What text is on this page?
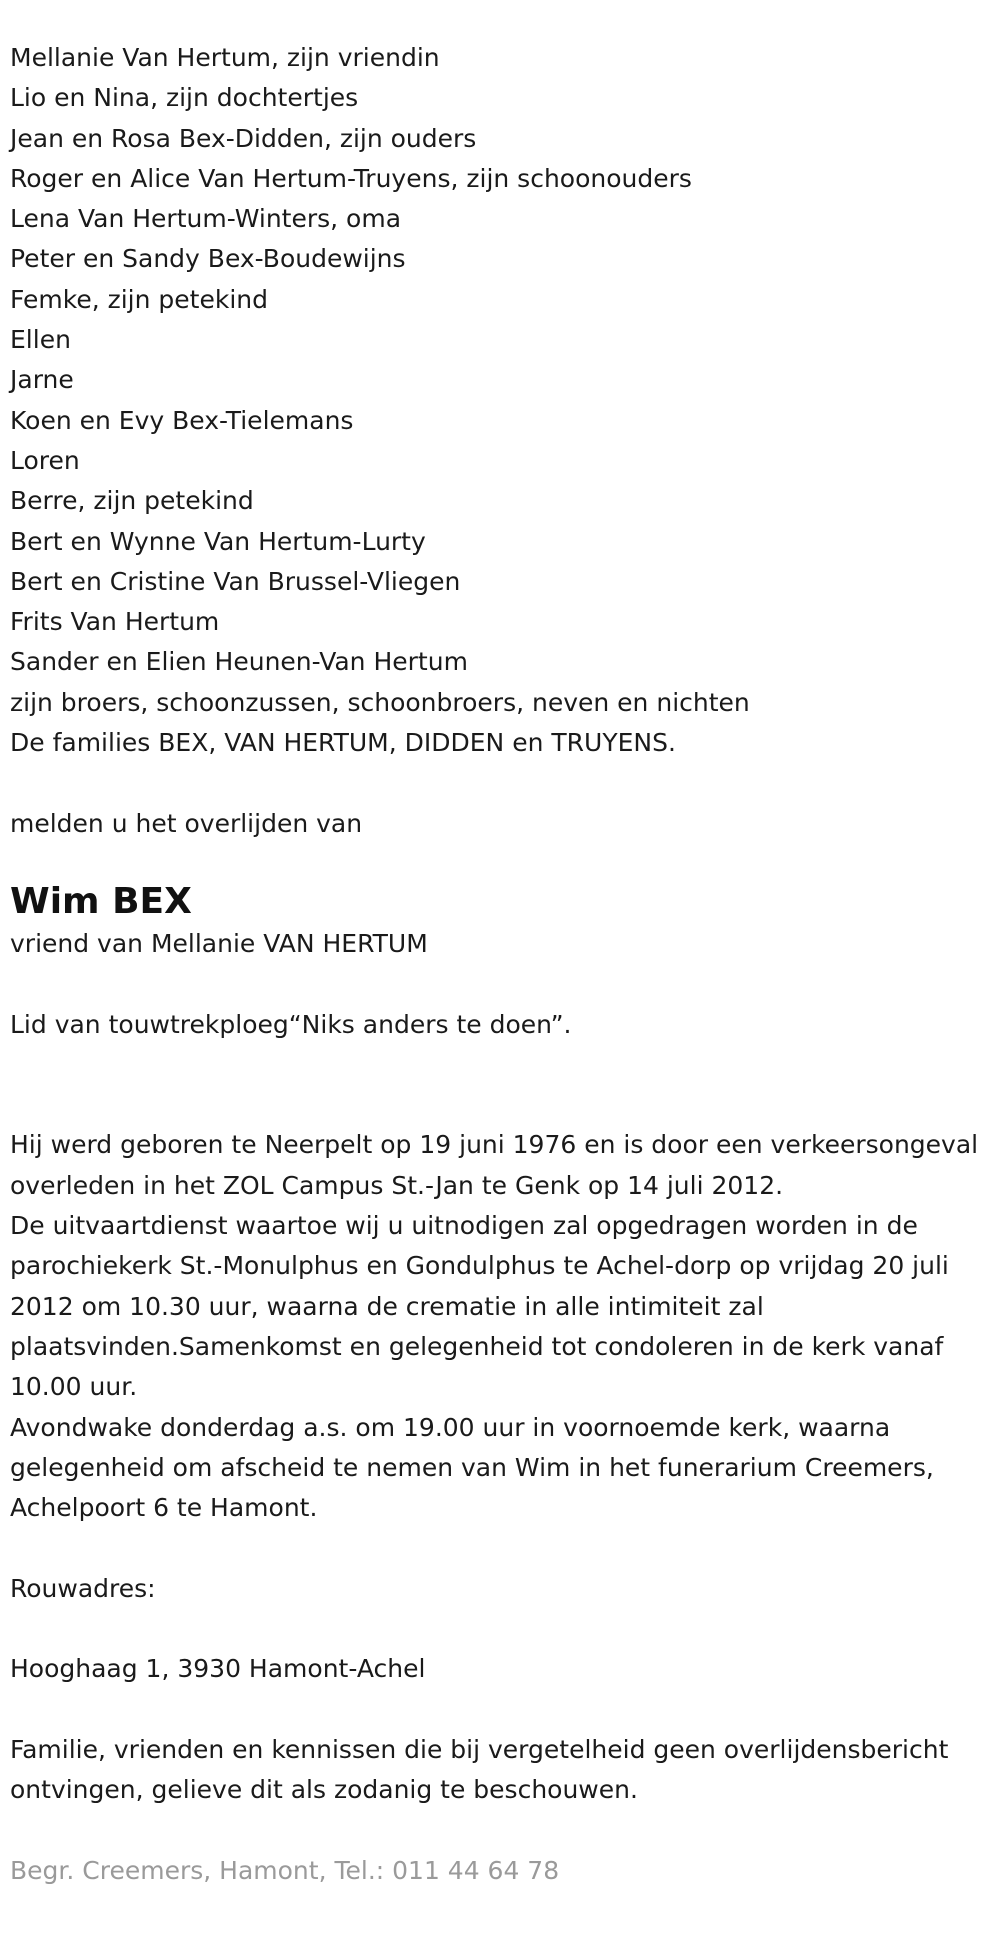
Mellanie Van Hertum, zijn vriendin

Lio en Nina, zijn dochtertjes

Jean en Rosa Bex-Didden, zijn ouders

Roger en Alice Van Hertum-Truyens, zijn schoonouders

Lena Van Hertum-Winters, oma

Peter en Sandy Bex-Boudewijns

Femke, zijn petekind

Ellen

Jarne

Koen en Evy Bex-Tielemans

Loren

Berre, zijn petekind

Bert en Wynne Van Hertum-Lurty

Bert en Cristine Van Brussel-Vliegen

Frits Van Hertum

Sander en Elien Heunen-Van Hertum

zijn broers, schoonzussen, schoonbroers, neven en nichten

De families BEX, VAN HERTUM, DIDDEN en TRUYENS.

melden u het overlijden van

Wim BEX

vriend van Mellanie VAN HERTUM

Lid van touwtrekploeg“Niks anders te doen”.

Hij werd geboren te Neerpelt op 19 juni 1976 en is door een verkeersongeval overleden in het ZOL Campus St.-Jan te Genk op 14 juli 2012.

De uitvaartdienst waartoe wij u uitnodigen zal opgedragen worden in de parochiekerk St.-Monulphus en Gondulphus te Achel-dorp op vrijdag 20 juli 2012 om 10.30 uur, waarna de crematie in alle intimiteit zal plaatsvinden.Samenkomst en gelegenheid tot condoleren in de kerk vanaf 10.00 uur.

Avondwake donderdag a.s. om 19.00 uur in voornoemde kerk, waarna gelegenheid om afscheid te nemen van Wim in het funerarium Creemers, Achelpoort 6 te Hamont.

Rouwadres:

Hooghaag 1, 3930 Hamont-Achel

Familie, vrienden en kennissen die bij vergetelheid geen overlijdensbericht ontvingen, gelieve dit als zodanig te beschouwen.

Begr. Creemers, Hamont, Tel.: 011 44 64 78
